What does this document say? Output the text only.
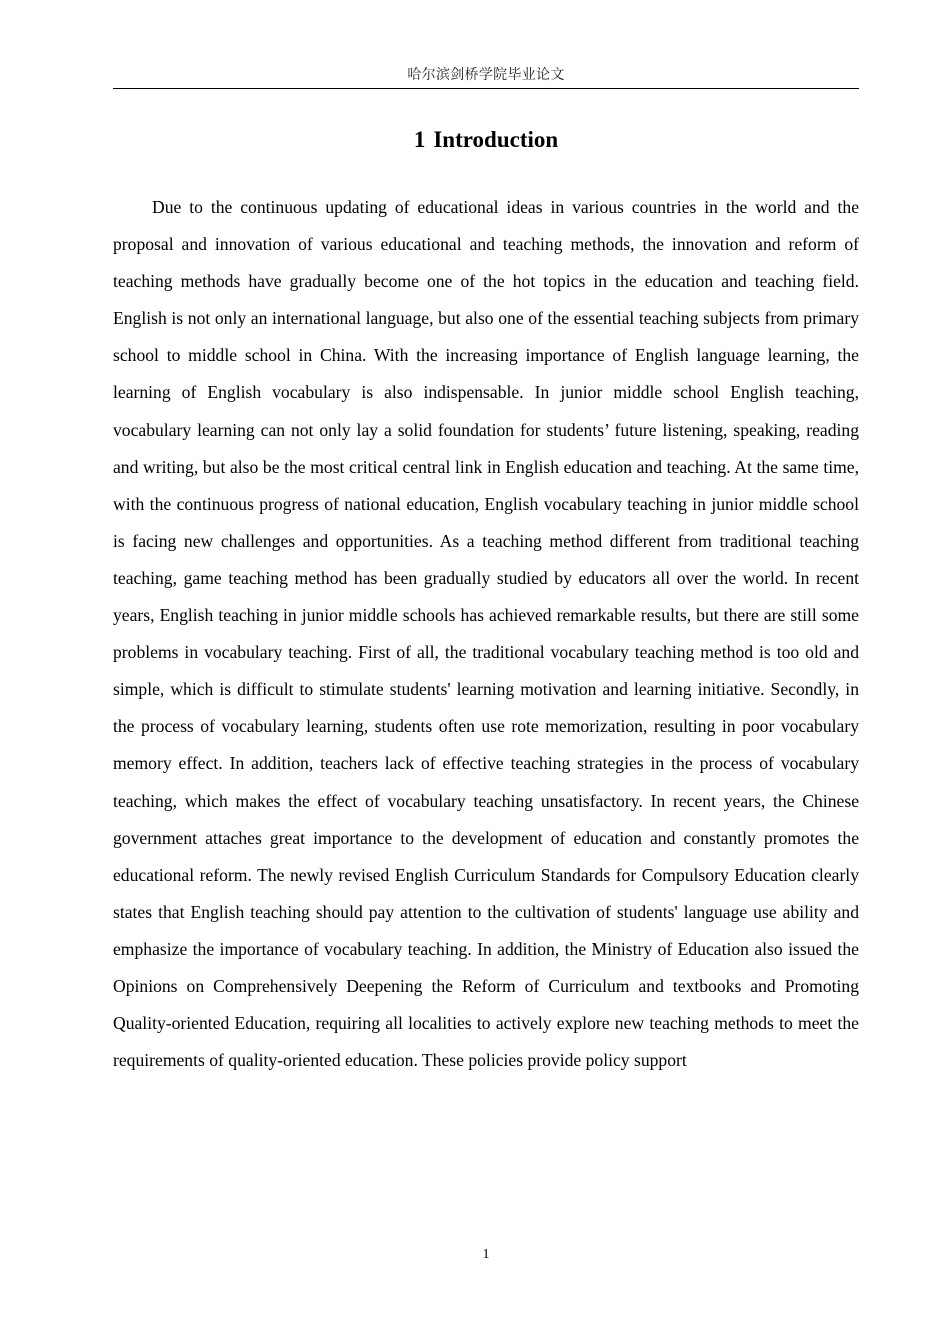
哈尔滨剑桥学院毕业论文
1 Introduction

Due to the continuous updating of educational ideas in various countries in the world and the proposal and innovation of various educational and teaching methods, the innovation and reform of teaching methods have gradually become one of the hot topics in the education and teaching field. English is not only an international language, but also one of the essential teaching subjects from primary school to middle school in China. With the increasing importance of English language learning, the learning of English vocabulary is also indispensable. In junior middle school English teaching, vocabulary learning can not only lay a solid foundation for students’ future listening, speaking, reading and writing, but also be the most critical central link in English education and teaching. At the same time, with the continuous progress of national education, English vocabulary teaching in junior middle school is facing new challenges and opportunities. As a teaching method different from traditional teaching teaching, game teaching method has been gradually studied by educators all over the world. In recent years, English teaching in junior middle schools has achieved remarkable results, but there are still some problems in vocabulary teaching. First of all, the traditional vocabulary teaching method is too old and simple, which is difficult to stimulate students' learning motivation and learning initiative. Secondly, in the process of vocabulary learning, students often use rote memorization, resulting in poor vocabulary memory effect. In addition, teachers lack of effective teaching strategies in the process of vocabulary teaching, which makes the effect of vocabulary teaching unsatisfactory. In recent years, the Chinese government attaches great importance to the development of education and constantly promotes the educational reform. The newly revised English Curriculum Standards for Compulsory Education clearly states that English teaching should pay attention to the cultivation of students' language use ability and emphasize the importance of vocabulary teaching. In addition, the Ministry of Education also issued the Opinions on Comprehensively Deepening the Reform of Curriculum and textbooks and Promoting Quality-oriented Education, requiring all localities to actively explore new teaching methods to meet the requirements of quality-oriented education. These policies provide policy support

1
